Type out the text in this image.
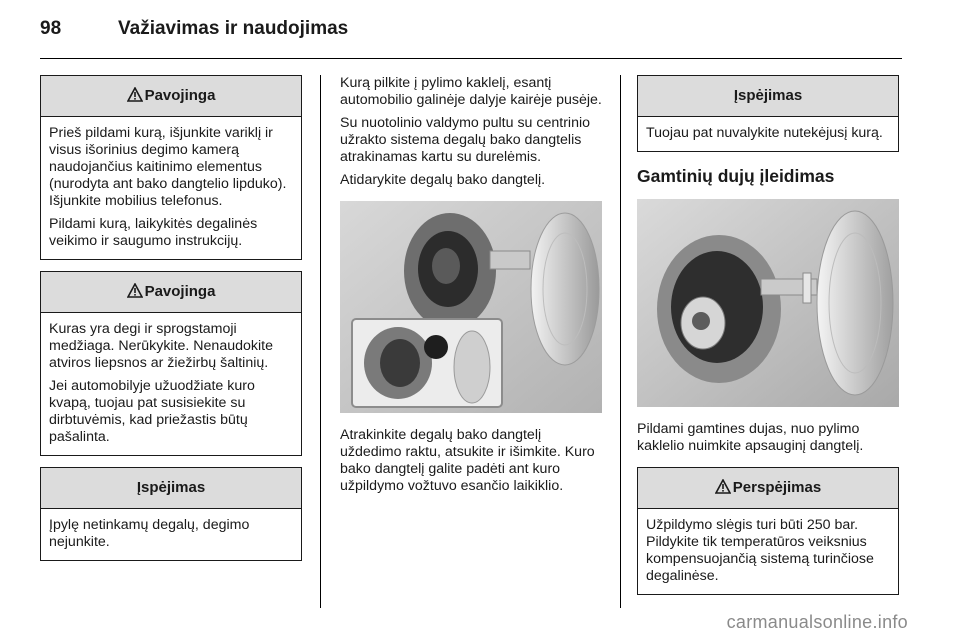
98	Važiavimas ir naudojimas
Pavojinga

Prieš pildami kurą, išjunkite variklį ir visus išorinius degimo kamerą naudojančius kaitinimo elementus (nurodyta ant bako dangtelio lipduko). Išjunkite mobilius telefonus.

Pildami kurą, laikykitės degalinės veikimo ir saugumo instrukcijų.

Pavojinga

Kuras yra degi ir sprogstamoji medžiaga. Nerūkykite. Nenaudokite atviros liepsnos ar žiežirbų šaltinių.

Jei automobilyje užuodžiate kuro kvapą, tuojau pat susisiekite su dirbtuvėmis, kad priežastis būtų pašalinta.

Įspėjimas

Įpylę netinkamų degalų, degimo nejunkite.

Kurą pilkite į pylimo kaklelį, esantį automobilio galinėje dalyje kairėje pusėje.

Su nuotolinio valdymo pultu su centrinio užrakto sistema degalų bako dangtelis atrakinamas kartu su durelėmis.

Atidarykite degalų bako dangtelį.

Atrakinkite degalų bako dangtelį uždedimo raktu, atsukite ir išimkite. Kuro bako dangtelį galite padėti ant kuro užpildymo vožtuvo esančio laikiklio.

Įspėjimas

Tuojau pat nuvalykite nutekėjusį kurą.

Gamtinių dujų įleidimas

Pildami gamtines dujas, nuo pylimo kaklelio nuimkite apsauginį dangtelį.

Perspėjimas

Užpildymo slėgis turi būti 250 bar. Pildykite tik temperatūros veiksnius kompensuojančią sistemą turinčiose degalinėse.

carmanualsonline.info
